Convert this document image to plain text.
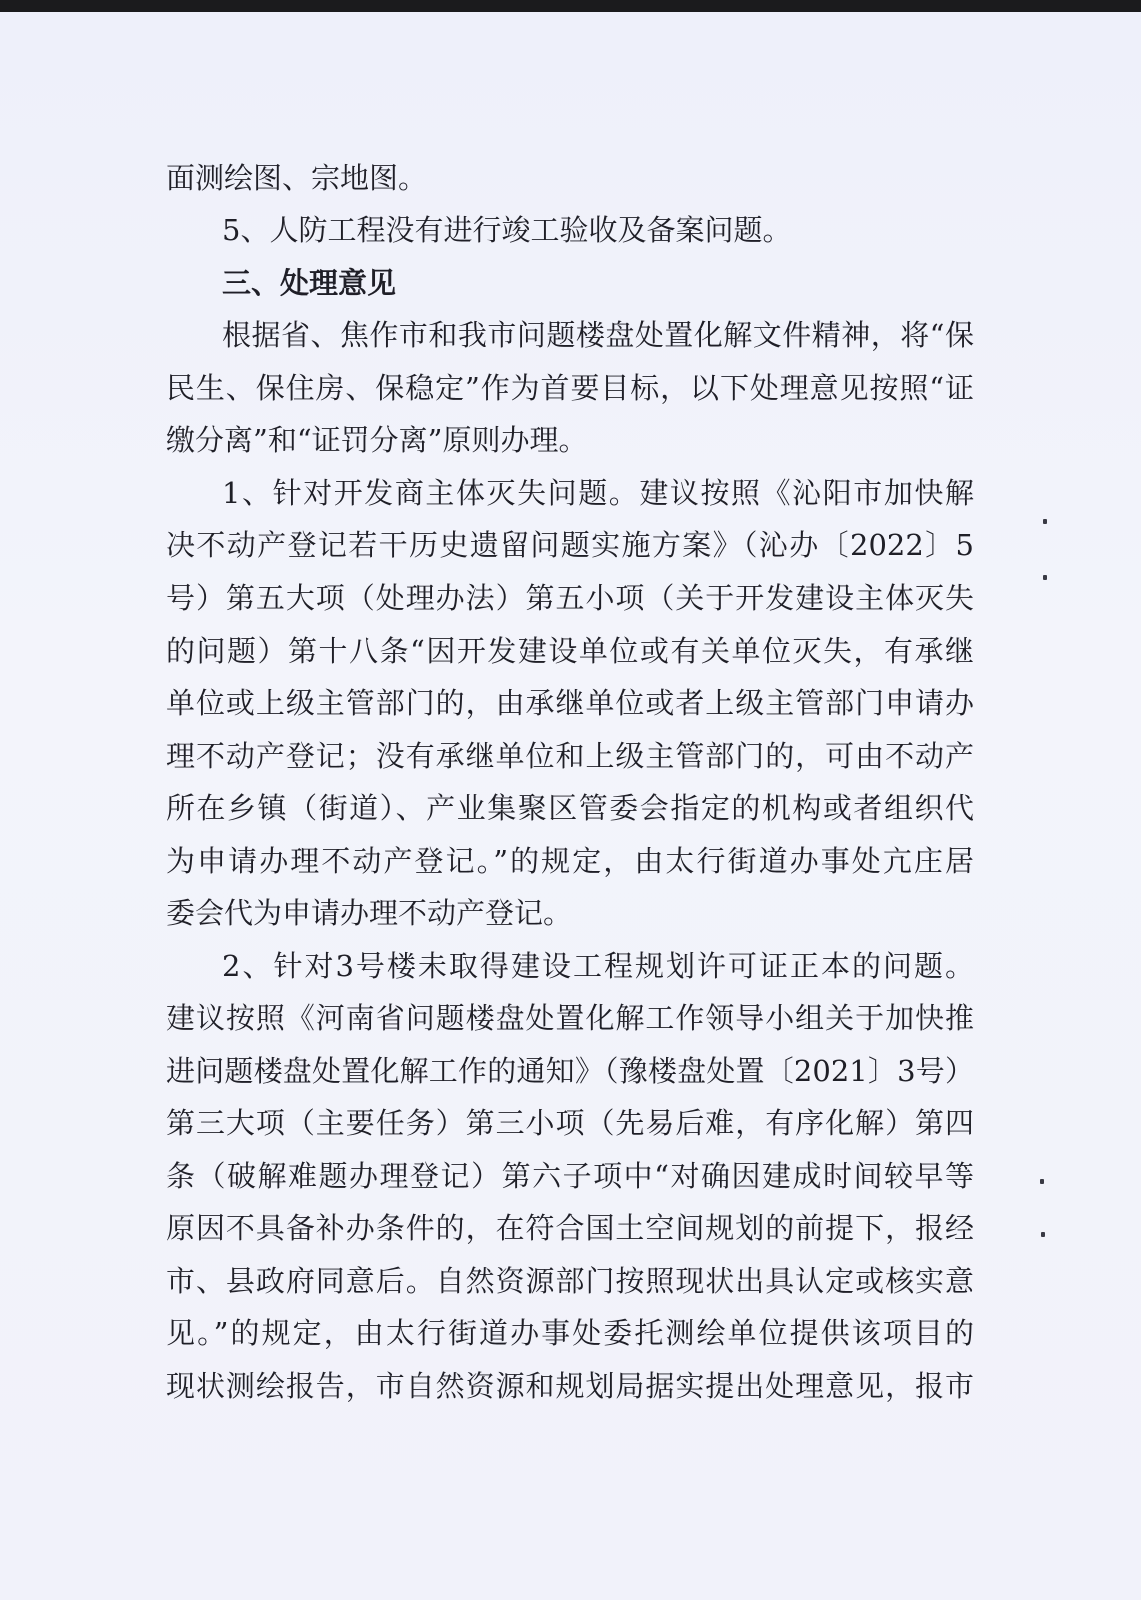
面测绘图、宗地图。
5、人防工程没有进行竣工验收及备案问题。
三、处理意见
根据省、焦作市和我市问题楼盘处置化解文件精神，将“保
民生、保住房、保稳定”作为首要目标，以下处理意见按照“证
缴分离”和“证罚分离”原则办理。
1、针对开发商主体灭失问题。建议按照《沁阳市加快解
决不动产登记若干历史遗留问题实施方案》（沁办〔2022〕5
号）第五大项（处理办法）第五小项（关于开发建设主体灭失
的问题）第十八条“因开发建设单位或有关单位灭失，有承继
单位或上级主管部门的，由承继单位或者上级主管部门申请办
理不动产登记；没有承继单位和上级主管部门的，可由不动产
所在乡镇（街道）、产业集聚区管委会指定的机构或者组织代
为申请办理不动产登记。”的规定，由太行街道办事处亢庄居
委会代为申请办理不动产登记。
2、针对3号楼未取得建设工程规划许可证正本的问题。
建议按照《河南省问题楼盘处置化解工作领导小组关于加快推
进问题楼盘处置化解工作的通知》（豫楼盘处置〔2021〕3号）
第三大项（主要任务）第三小项（先易后难，有序化解）第四
条（破解难题办理登记）第六子项中“对确因建成时间较早等
原因不具备补办条件的，在符合国土空间规划的前提下，报经
市、县政府同意后。自然资源部门按照现状出具认定或核实意
见。”的规定，由太行街道办事处委托测绘单位提供该项目的
现状测绘报告，市自然资源和规划局据实提出处理意见，报市
